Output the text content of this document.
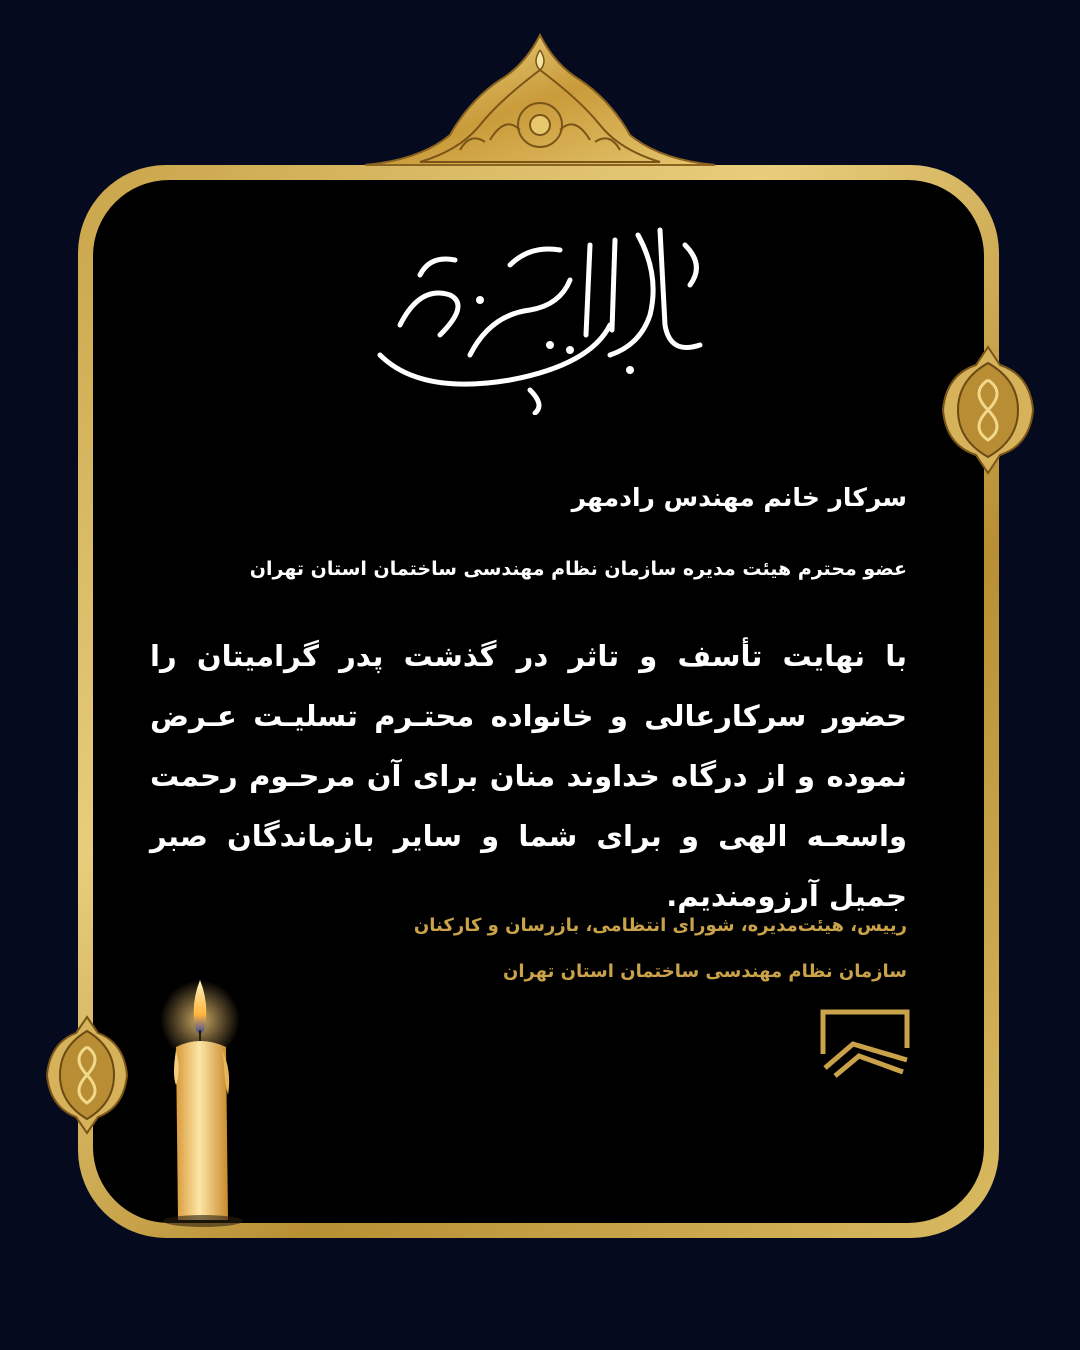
سرکار خانم مهندس رادمهر
عضو محترم هیئت مدیره سازمان نظام مهندسی ساختمان استان تهران
با نهایت تأسف و تاثر در گذشت پدر گرامیتان را حضور سرکارعالی و خانواده محتـرم تسلیـت عـرض نموده و از درگاه خداوند منان برای آن مرحـوم رحمت واسعـه الهی و برای شما و سایر بازماندگان صبر جمیل آرزومندیم.
رییس، هیئت‌مدیره، شورای انتظامی، بازرسان و کارکنان
سازمان نظام مهندسی ساختمان استان تهران
